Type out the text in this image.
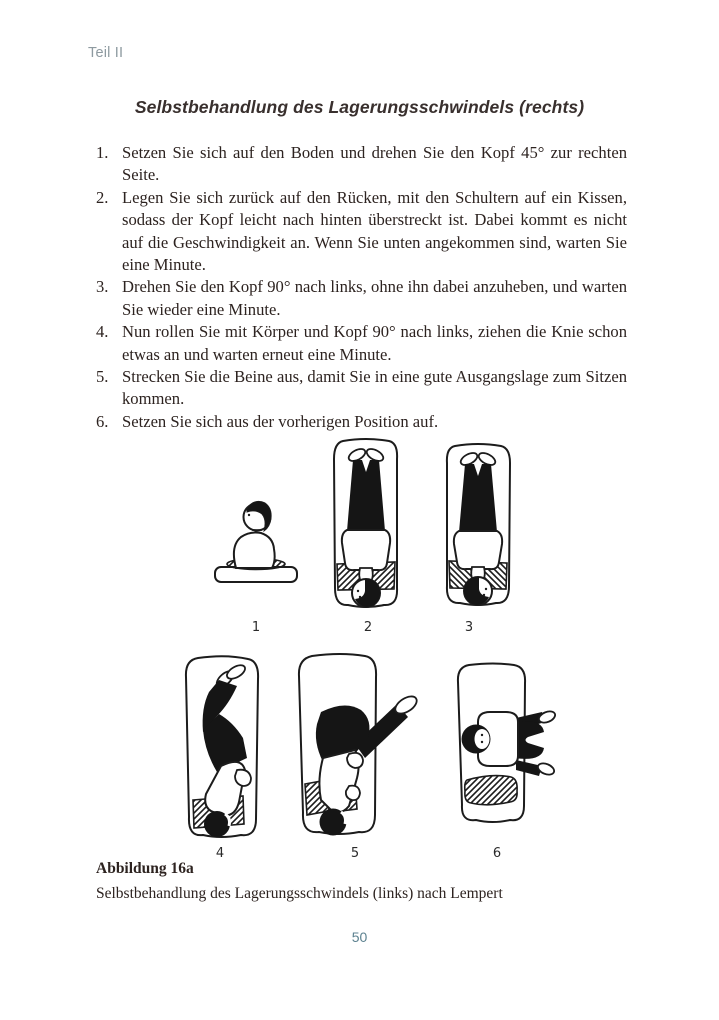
Teil II
Selbstbehandlung des Lagerungsschwindels (rechts)
1. Setzen Sie sich auf den Boden und drehen Sie den Kopf 45° zur rechten Seite.
2. Legen Sie sich zurück auf den Rücken, mit den Schultern auf ein Kissen, sodass der Kopf leicht nach hinten überstreckt ist. Dabei kommt es nicht auf die Geschwindigkeit an. Wenn Sie unten angekommen sind, warten Sie eine Minute.
3. Drehen Sie den Kopf 90° nach links, ohne ihn dabei anzuheben, und warten Sie wieder eine Minute.
4. Nun rollen Sie mit Körper und Kopf 90° nach links, ziehen die Knie schon etwas an und warten erneut eine Minute.
5. Strecken Sie die Beine aus, damit Sie in eine gute Ausgangslage zum Sitzen kommen.
6. Setzen Sie sich aus der vorherigen Position auf.
1	2	3
4	5	6
Abbildung 16a
Selbstbehandlung des Lagerungsschwindels (links) nach Lempert
50
